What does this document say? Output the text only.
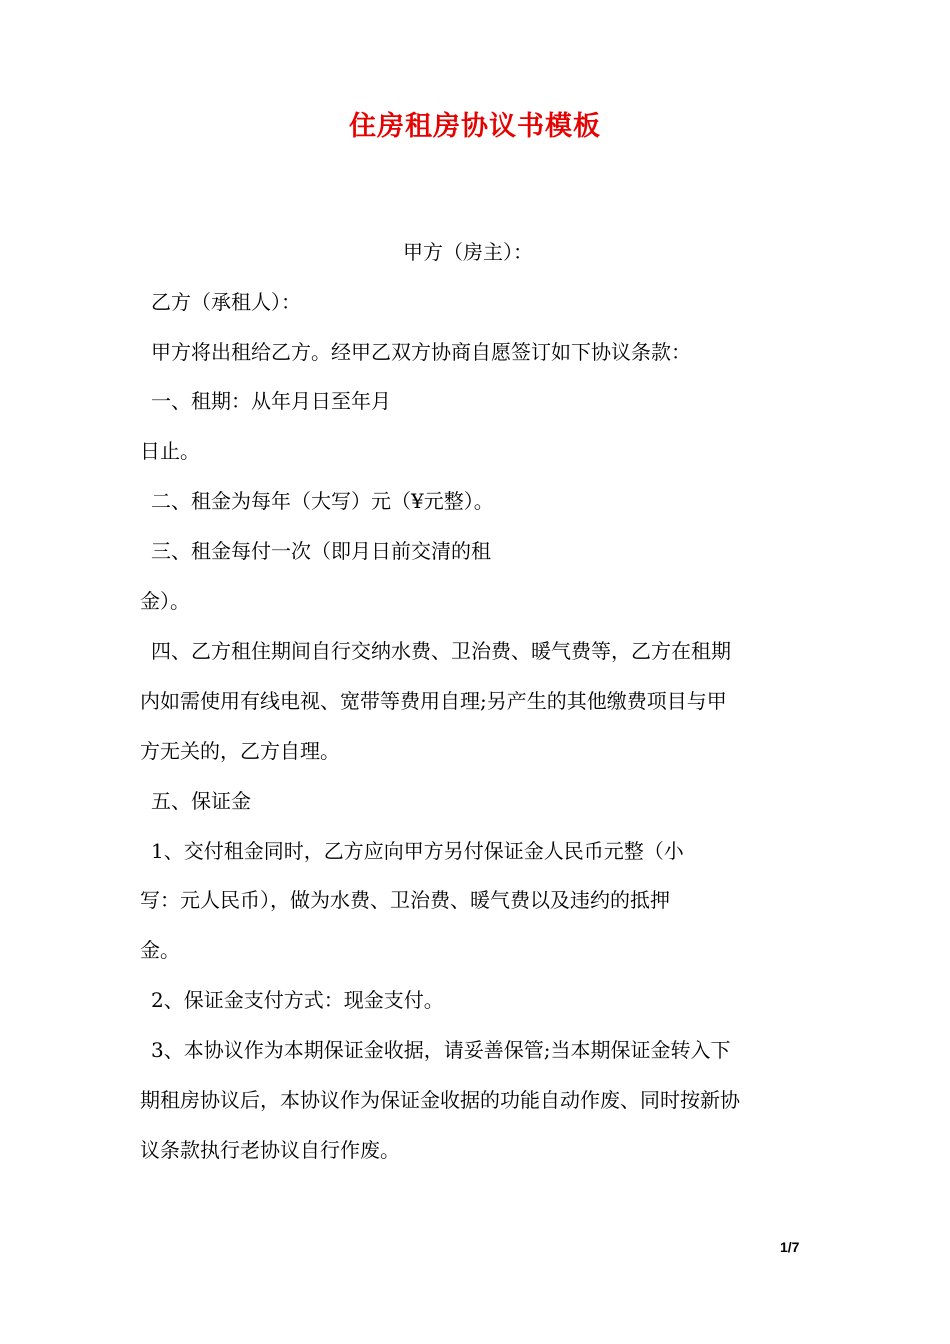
住房租房协议书模板
甲方（房主）：
乙方（承租人）：
甲方将出租给乙方。经甲乙双方协商自愿签订如下协议条款：
一、租期：从年月日至年月
日止。
二、租金为每年（大写）元（¥元整）。
三、租金每付一次（即月日前交清的租
金）。
四、乙方租住期间自行交纳水费、卫治费、暖气费等，乙方在租期
内如需使用有线电视、宽带等费用自理;另产生的其他缴费项目与甲
方无关的，乙方自理。
五、保证金
1、交付租金同时，乙方应向甲方另付保证金人民币元整（小
写：元人民币），做为水费、卫治费、暖气费以及违约的抵押
金。
2、保证金支付方式：现金支付。
3、本协议作为本期保证金收据，请妥善保管;当本期保证金转入下
期租房协议后，本协议作为保证金收据的功能自动作废、同时按新协
议条款执行老协议自行作废。
1/7
